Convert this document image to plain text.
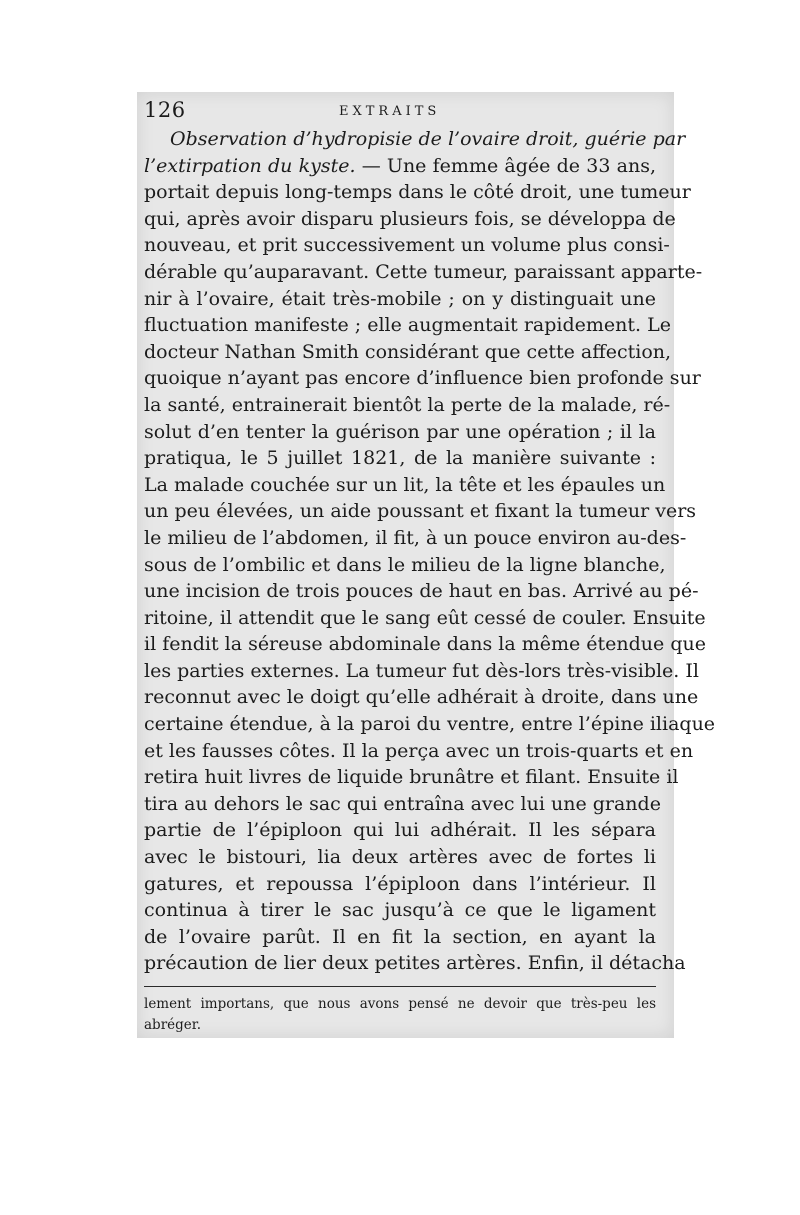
126	EXTRAITS
Observation d’hydropisie de l’ovaire droit, guérie par
l’extirpation du kyste. — Une femme âgée de 33 ans,
portait depuis long-temps dans le côté droit, une tumeur
qui, après avoir disparu plusieurs fois, se développa de
nouveau, et prit successivement un volume plus consi-
dérable qu’auparavant. Cette tumeur, paraissant apparte-
nir à l’ovaire, était très-mobile ; on y distinguait une
fluctuation manifeste ; elle augmentait rapidement. Le
docteur Nathan Smith considérant que cette affection,
quoique n’ayant pas encore d’influence bien profonde sur
la santé, entrainerait bientôt la perte de la malade, ré-
solut d’en tenter la guérison par une opération ; il la
pratiqua, le 5 juillet 1821, de la manière suivante :
La malade couchée sur un lit, la tête et les épaules un
un peu élevées, un aide poussant et fixant la tumeur vers
le milieu de l’abdomen, il fit, à un pouce environ au-des-
sous de l’ombilic et dans le milieu de la ligne blanche,
une incision de trois pouces de haut en bas. Arrivé au pé-
ritoine, il attendit que le sang eût cessé de couler. Ensuite
il fendit la séreuse abdominale dans la même étendue que
les parties externes. La tumeur fut dès-lors très-visible. Il
reconnut avec le doigt qu’elle adhérait à droite, dans une
certaine étendue, à la paroi du ventre, entre l’épine iliaque
et les fausses côtes. Il la perça avec un trois-quarts et en
retira huit livres de liquide brunâtre et filant. Ensuite il
tira au dehors le sac qui entraîna avec lui une grande
partie de l’épiploon qui lui adhérait. Il les sépara
avec le bistouri, lia deux artères avec de fortes li
gatures, et repoussa l’épiploon dans l’intérieur. Il
continua à tirer le sac jusqu’à ce que le ligament
de l’ovaire parût. Il en fit la section, en ayant la
précaution de lier deux petites artères. Enfin, il détacha
lement importans, que nous avons pensé ne devoir que très-peu les
abréger.
